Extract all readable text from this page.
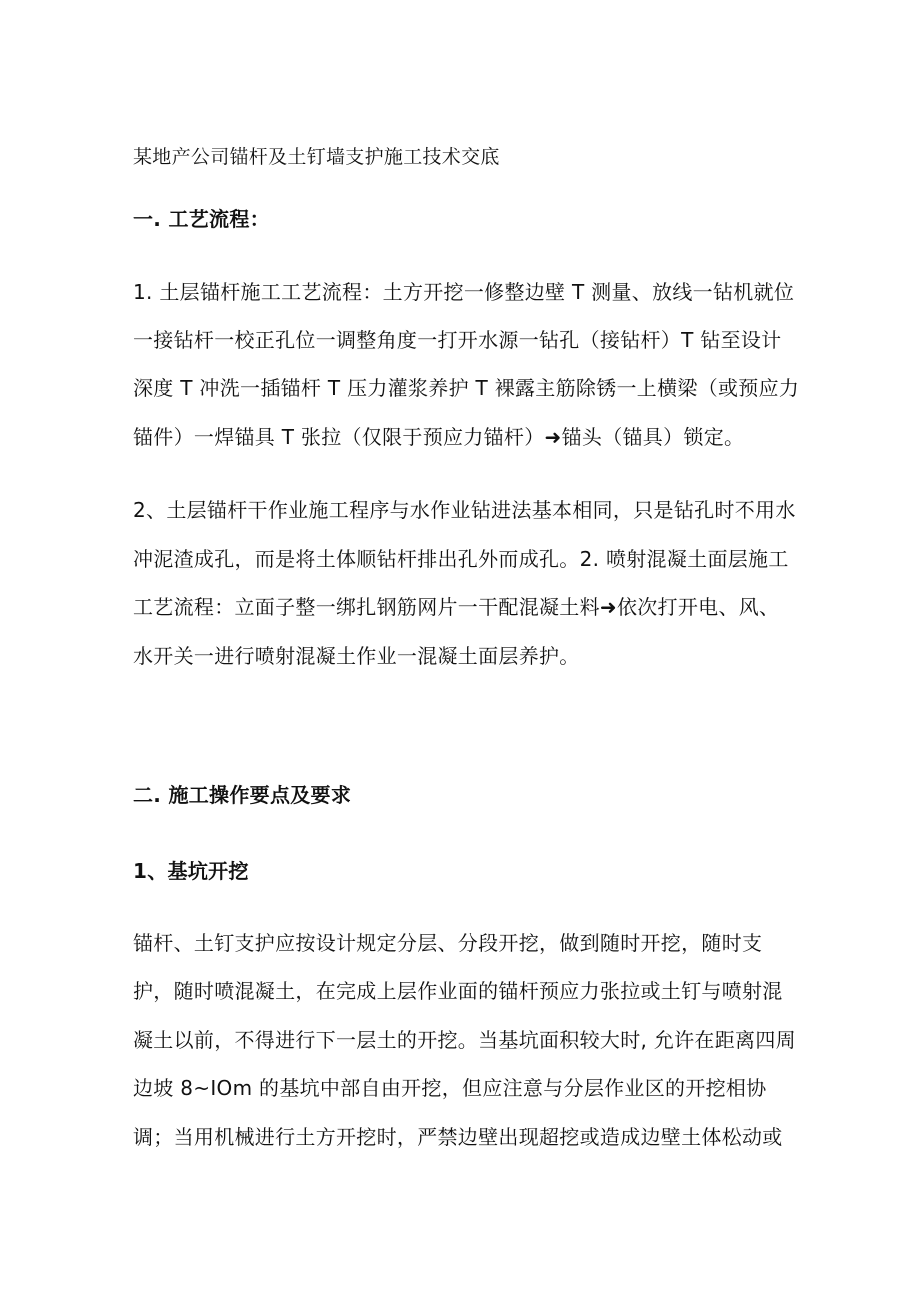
某地产公司锚杆及土钉墙支护施工技术交底
一. 工艺流程：
1. 土层锚杆施工工艺流程：土方开挖一修整边壁 T 测量、放线一钻机就位
一接钻杆一校正孔位一调整角度一打开水源一钻孔（接钻杆）T 钻至设计
深度 T 冲洗一插锚杆 T 压力灌浆养护 T 裸露主筋除锈一上横梁（或预应力
锚件）一焊锚具 T 张拉（仅限于预应力锚杆）➜锚头（锚具）锁定。
2、土层锚杆干作业施工程序与水作业钻进法基本相同，只是钻孔时不用水
冲泥渣成孔，而是将土体顺钻杆排出孔外而成孔。2. 喷射混凝土面层施工
工艺流程：立面子整一绑扎钢筋网片一干配混凝土料➜依次打开电、风、
水开关一进行喷射混凝土作业一混凝土面层养护。
二. 施工操作要点及要求
1、基坑开挖
锚杆、土钉支护应按设计规定分层、分段开挖，做到随时开挖，随时支
护，随时喷混凝土，在完成上层作业面的锚杆预应力张拉或土钉与喷射混
凝土以前，不得进行下一层土的开挖。当基坑面积较大时, 允许在距离四周
边坡 8~IOm 的基坑中部自由开挖，但应注意与分层作业区的开挖相协
调；当用机械进行土方开挖时，严禁边壁出现超挖或造成边壁土体松动或
